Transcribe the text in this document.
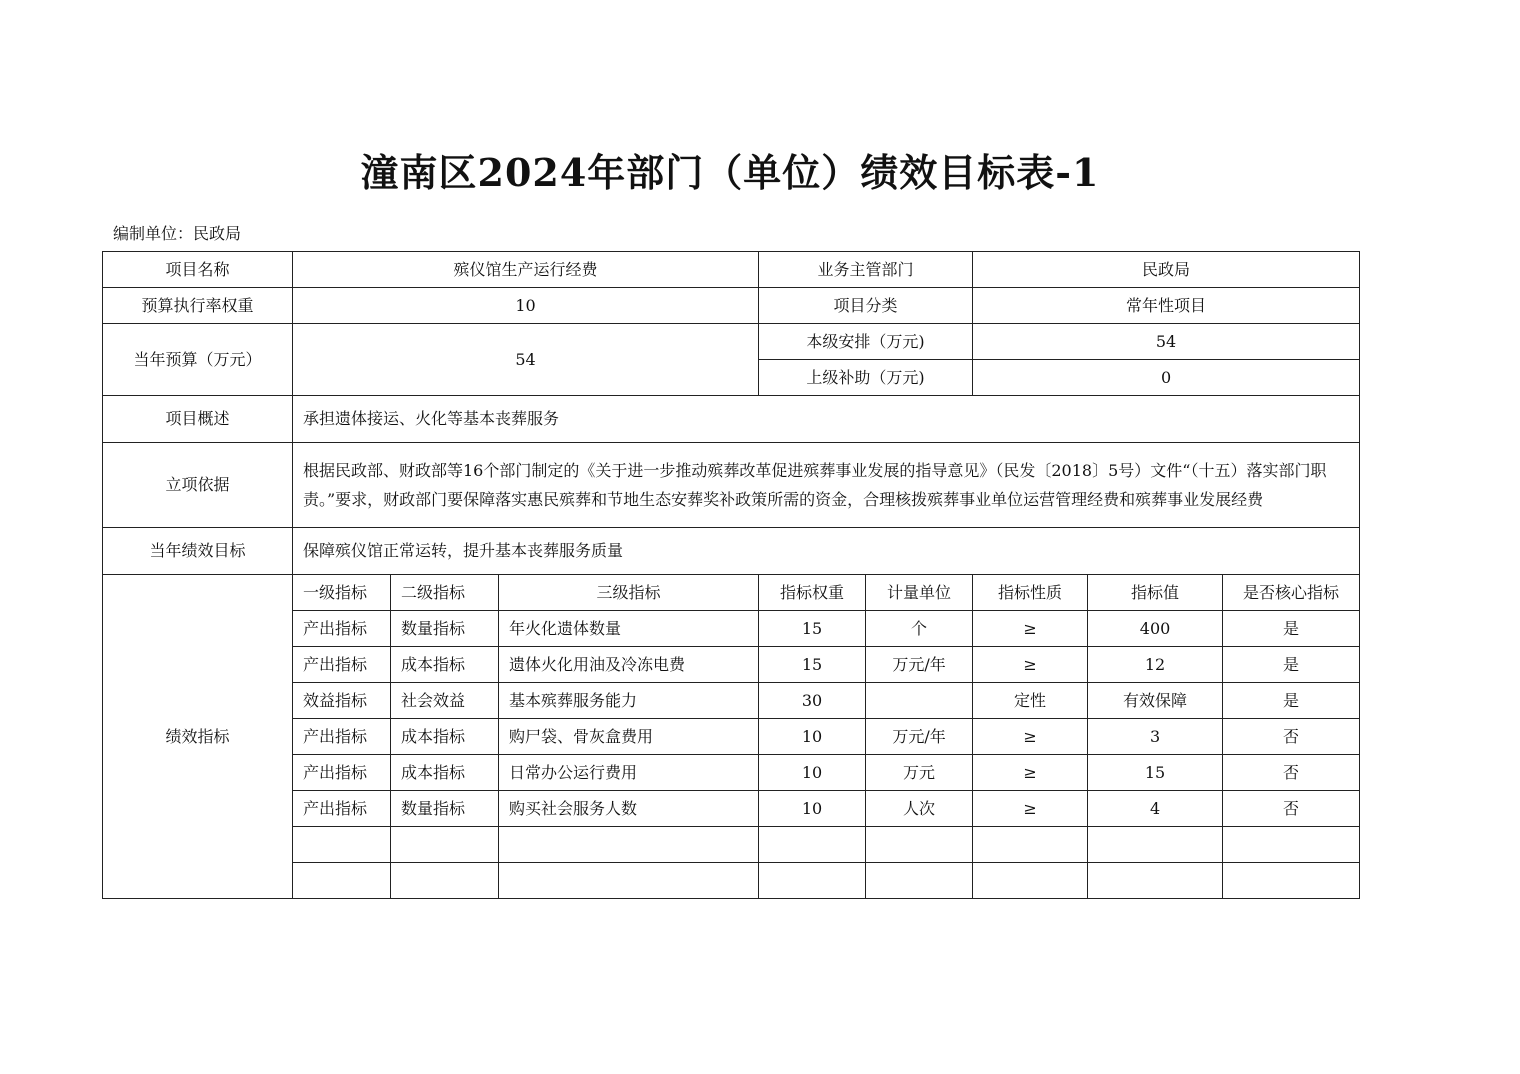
潼南区2024年部门（单位）绩效目标表-1
编制单位：民政局
项目名称	殡仪馆生产运行经费			业务主管部门		民政局		
预算执行率权重	10			项目分类		常年性项目		
当年预算（万元）	54			本级安排（万元)		54		
				上级补助（万元)		0		
项目概述	承担遗体接运、火化等基本丧葬服务							
立项依据	根据民政部、财政部等16个部门制定的《关于进一步推动殡葬改革促进殡葬事业发展的指导意见》（民发〔2018〕5号）文件“（十五）落实部门职责。”要求，财政部门要保障落实惠民殡葬和节地生态安葬奖补政策所需的资金，合理核拨殡葬事业单位运营管理经费和殡葬事业发展经费							
当年绩效目标	保障殡仪馆正常运转，提升基本丧葬服务质量							
绩效指标	一级指标	二级指标	三级指标	指标权重	计量单位	指标性质	指标值	是否核心指标
	产出指标	数量指标	年火化遗体数量	15	个	≥	400	是
	产出指标	成本指标	遗体火化用油及冷冻电费	15	万元/年	≥	12	是
	效益指标	社会效益	基本殡葬服务能力	30		定性	有效保障	是
	产出指标	成本指标	购尸袋、骨灰盒费用	10	万元/年	≥	3	否
	产出指标	成本指标	日常办公运行费用	10	万元	≥	15	否
	产出指标	数量指标	购买社会服务人数	10	人次	≥	4	否
